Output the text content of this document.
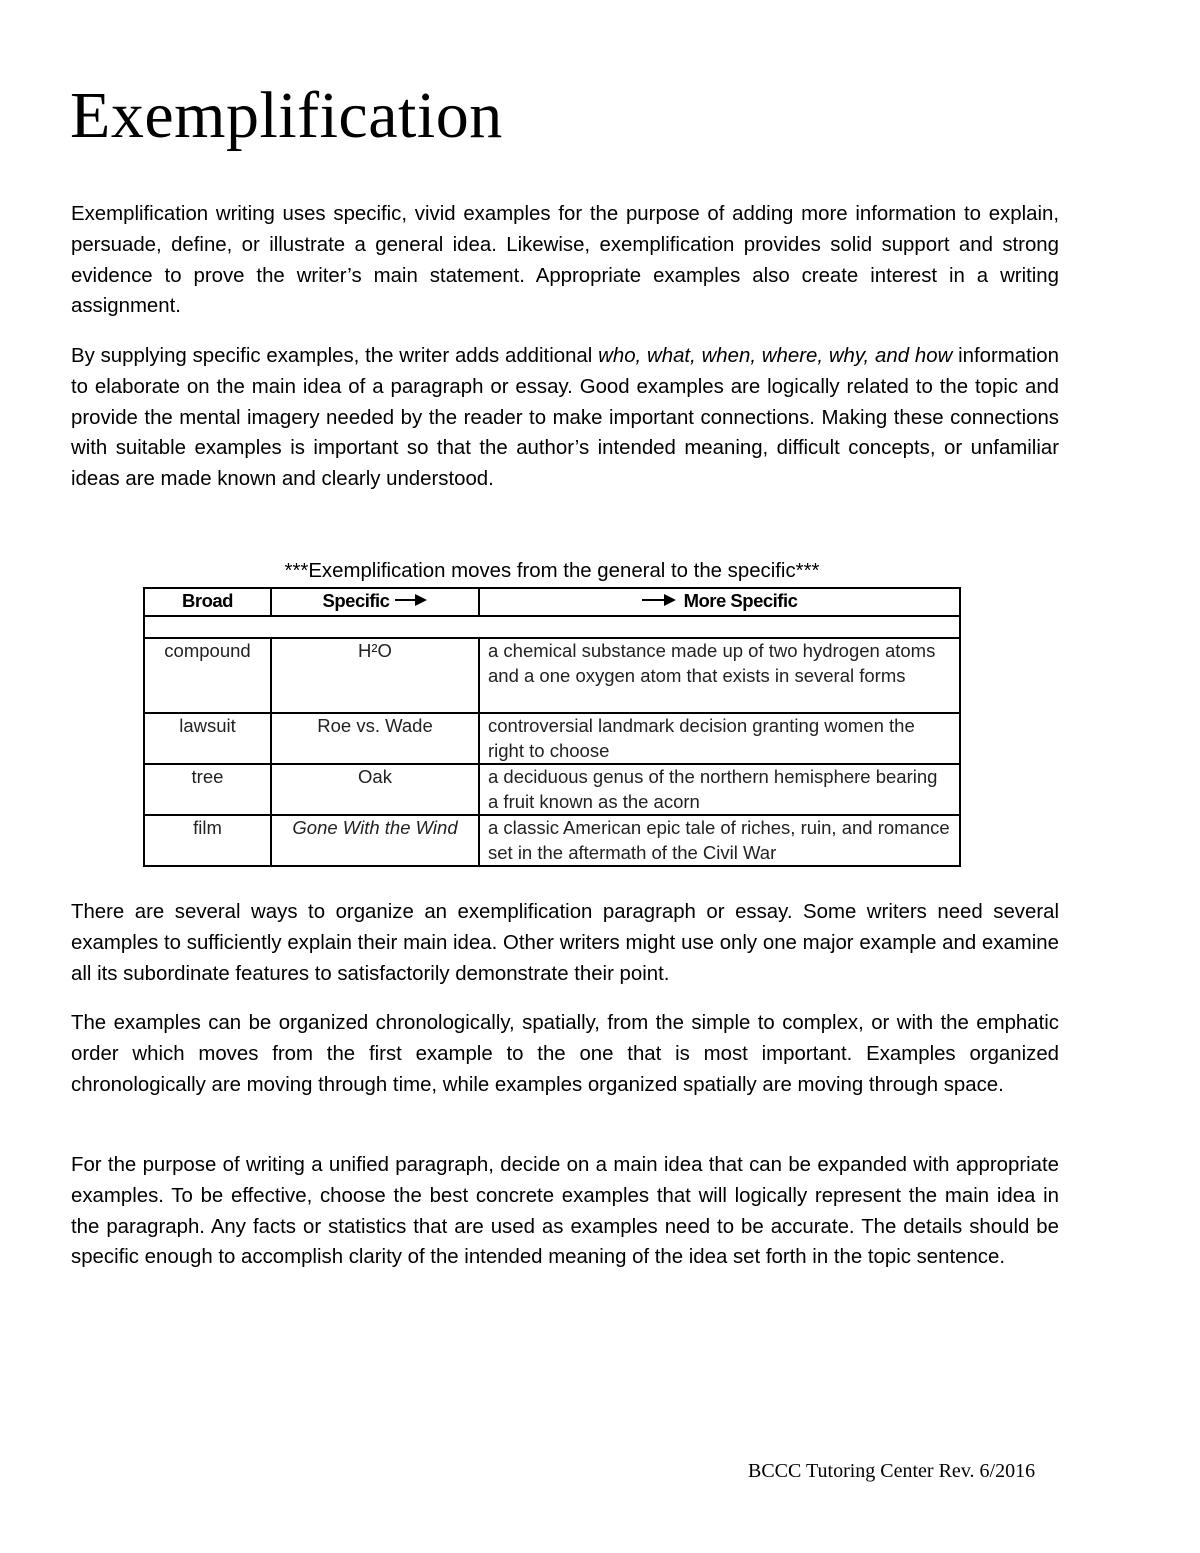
Exemplification

Exemplification writing uses specific, vivid examples for the purpose of adding more information to explain, persuade, define, or illustrate a general idea. Likewise, exemplification provides solid support and strong evidence to prove the writer’s main statement. Appropriate examples also create interest in a writing assignment.

By supplying specific examples, the writer adds additional who, what, when, where, why, and how information to elaborate on the main idea of a paragraph or essay. Good examples are logically related to the topic and provide the mental imagery needed by the reader to make important connections. Making these connections with suitable examples is important so that the author’s intended meaning, difficult concepts, or unfamiliar ideas are made known and clearly understood.

***Exemplification moves from the general to the specific***

Broad	Specific	More Specific

compound	H²O	a chemical substance made up of two hydrogen atoms and a one oxygen atom that exists in several forms
lawsuit	Roe vs. Wade	controversial landmark decision granting women the right to choose
tree	Oak	a deciduous genus of the northern hemisphere bearing a fruit known as the acorn
film	Gone With the Wind	a classic American epic tale of riches, ruin, and romance set in the aftermath of the Civil War

There are several ways to organize an exemplification paragraph or essay. Some writers need several examples to sufficiently explain their main idea. Other writers might use only one major example and examine all its subordinate features to satisfactorily demonstrate their point.

The examples can be organized chronologically, spatially, from the simple to complex, or with the emphatic order which moves from the first example to the one that is most important. Examples organized chronologically are moving through time, while examples organized spatially are moving through space.

For the purpose of writing a unified paragraph, decide on a main idea that can be expanded with appropriate examples. To be effective, choose the best concrete examples that will logically represent the main idea in the paragraph. Any facts or statistics that are used as examples need to be accurate. The details should be specific enough to accomplish clarity of the intended meaning of the idea set forth in the topic sentence.

BCCC Tutoring Center Rev. 6/2016
